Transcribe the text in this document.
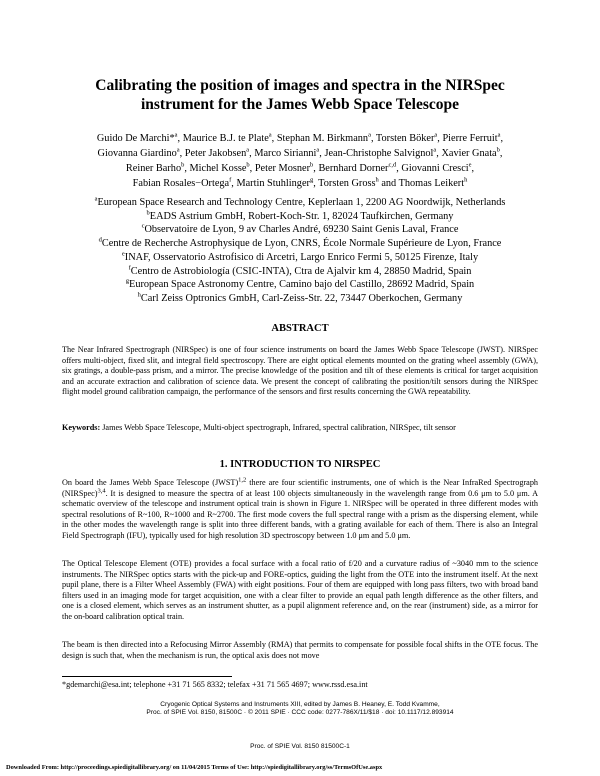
Calibrating the position of images and spectra in the NIRSpec
instrument for the James Webb Space Telescope
Guido De Marchi*$^a$, Maurice B.J. te Plate$^a$, Stephan M. Birkmann$^a$, Torsten Böker$^a$, Pierre Ferruit$^a$,
Giovanna Giardino$^a$, Peter Jakobsen$^a$, Marco Sirianni$^a$, Jean-Christophe Salvignol$^a$, Xavier Gnata$^b$,
Reiner Barho$^b$, Michel Kosse$^b$, Peter Mosner$^b$, Bernhard Dorner$^{c,d}$, Giovanni Cresci$^e$,
Fabian Rosales−Ortega$^f$, Martin Stuhlinger$^g$, Torsten Gross$^h$ and Thomas Leikert$^h$
$^a$European Space Research and Technology Centre, Keplerlaan 1, 2200 AG Noordwijk, Netherlands
$^b$EADS Astrium GmbH, Robert-Koch-Str. 1, 82024 Taufkirchen, Germany
$^c$Observatoire de Lyon, 9 av Charles André, 69230 Saint Genis Laval, France
$^d$Centre de Recherche Astrophysique de Lyon, CNRS, École Normale Supérieure de Lyon, France
$^e$INAF, Osservatorio Astrofisico di Arcetri, Largo Enrico Fermi 5, 50125 Firenze, Italy
$^f$Centro de Astrobiología (CSIC-INTA), Ctra de Ajalvir km 4, 28850 Madrid, Spain
$^g$European Space Astronomy Centre, Camino bajo del Castillo, 28692 Madrid, Spain
$^h$Carl Zeiss Optronics GmbH, Carl-Zeiss-Str. 22, 73447 Oberkochen, Germany
ABSTRACT
The Near Infrared Spectrograph (NIRSpec) is one of four science instruments on board the James Webb Space Telescope (JWST). NIRSpec offers multi-object, fixed slit, and integral field spectroscopy. There are eight optical elements mounted on the grating wheel assembly (GWA), six gratings, a double-pass prism, and a mirror. The precise knowledge of the position and tilt of these elements is critical for target acquisition and an accurate extraction and calibration of science data. We present the concept of calibrating the position/tilt sensors during the NIRSpec flight model ground calibration campaign, the performance of the sensors and first results concerning the GWA repeatability.
Keywords: James Webb Space Telescope, Multi-object spectrograph, Infrared, spectral calibration, NIRSpec, tilt sensor
1. INTRODUCTION TO NIRSPEC
On board the James Webb Space Telescope (JWST)$^{1,2}$ there are four scientific instruments, one of which is the Near InfraRed Spectrograph (NIRSpec)$^{3,4}$. It is designed to measure the spectra of at least 100 objects simultaneously in the wavelength range from 0.6 μm to 5.0 μm. A schematic overview of the telescope and instrument optical train is shown in Figure 1. NIRSpec will be operated in three different modes with spectral resolutions of R~100, R~1000 and R~2700. The first mode covers the full spectral range with a prism as the dispersing element, while in the other modes the wavelength range is split into three different bands, with a grating available for each of them. There is also an Integral Field Spectrograph (IFU), typically used for high resolution 3D spectroscopy between 1.0 μm and 5.0 μm.
The Optical Telescope Element (OTE) provides a focal surface with a focal ratio of f/20 and a curvature radius of ~3040 mm to the science instruments. The NIRSpec optics starts with the pick-up and FORE-optics, guiding the light from the OTE into the instrument itself. At the next pupil plane, there is a Filter Wheel Assembly (FWA) with eight positions. Four of them are equipped with long pass filters, two with broad band filters used in an imaging mode for target acquisition, one with a clear filter to provide an equal path length difference as the other filters, and one is a closed element, which serves as an instrument shutter, as a pupil alignment reference and, on the rear (instrument) side, as a mirror for the on-board calibration optical train.
The beam is then directed into a Refocusing Mirror Assembly (RMA) that permits to compensate for possible focal shifts in the OTE focus. The design is such that, when the mechanism is run, the optical axis does not move
*gdemarchi@esa.int; telephone +31 71 565 8332; telefax +31 71 565 4697; www.rssd.esa.int
Cryogenic Optical Systems and Instruments XIII, edited by James B. Heaney, E. Todd Kvamme,
Proc. of SPIE Vol. 8150, 81500C · © 2011 SPIE · CCC code: 0277-786X/11/$18 · doi: 10.1117/12.893914
Proc. of SPIE Vol. 8150 81500C-1
Downloaded From: http://proceedings.spiedigitallibrary.org/ on 11/04/2015 Terms of Use: http://spiedigitallibrary.org/ss/TermsOfUse.aspx
